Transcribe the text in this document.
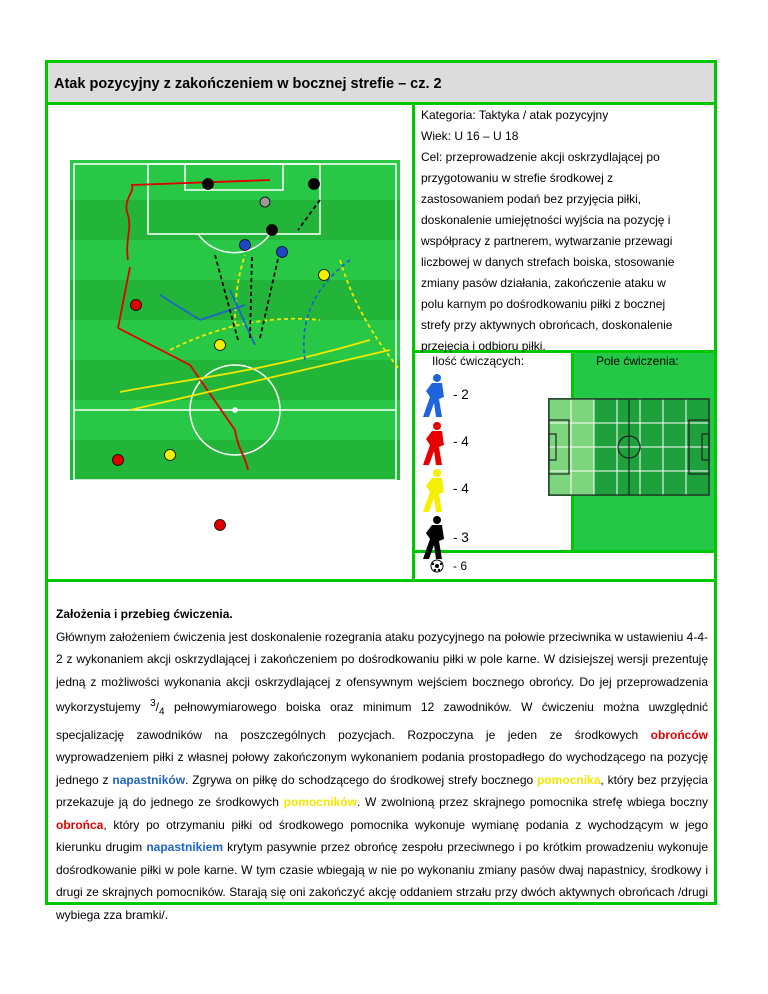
Atak pozycyjny z zakończeniem w bocznej strefie – cz. 2
Kategoria: Taktyka / atak pozycyjny
Wiek: U 16 – U 18
Cel: przeprowadzenie akcji oskrzydlającej po
przygotowaniu w strefie środkowej z
zastosowaniem podań bez przyjęcia piłki,
doskonalenie umiejętności wyjścia na pozycję i
współpracy z partnerem, wytwarzanie przewagi
liczbowej w danych strefach boiska, stosowanie
zmiany pasów działania, zakończenie ataku w
polu karnym po dośrodkowaniu piłki z bocznej
strefy przy aktywnych obrońcach, doskonalenie
przejęcia i odbioru piłki.
Pole ćwiczenia:
Ilość ćwiczących:
- 2
- 4
- 4
- 3
- 6

Założenia i przebieg ćwiczenia.

Głównym założeniem ćwiczenia jest doskonalenie rozegrania ataku pozycyjnego na połowie przeciwnika w ustawieniu 4-4-2 z wykonaniem akcji oskrzydlającej i zakończeniem po dośrodkowaniu piłki w pole karne. W dzisiejszej wersji prezentuję jedną z możliwości wykonania akcji oskrzydlającej z ofensywnym wejściem bocznego obrońcy. Do jej przeprowadzenia wykorzystujemy $^3/_4$ pełnowymiarowego boiska oraz minimum 12 zawodników. W ćwiczeniu można uwzględnić specjalizację zawodników na poszczególnych pozycjach. Rozpoczyna je jeden ze środkowych obrońców wyprowadzeniem piłki z własnej połowy zakończonym wykonaniem podania prostopadłego do wychodzącego na pozycję jednego z napastników. Zgrywa on piłkę do schodzącego do środkowej strefy bocznego pomocnika, który bez przyjęcia przekazuje ją do jednego ze środkowych pomocników. W zwolnioną przez skrajnego pomocnika strefę wbiega boczny obrońca, który po otrzymaniu piłki od środkowego pomocnika wykonuje wymianę podania z wychodzącym w jego kierunku drugim napastnikiem krytym pasywnie przez obrońcę zespołu przeciwnego i po krótkim prowadzeniu wykonuje dośrodkowanie piłki w pole karne. W tym czasie wbiegają w nie po wykonaniu zmiany pasów dwaj napastnicy, środkowy i drugi ze skrajnych pomocników. Starają się oni zakończyć akcję oddaniem strzału przy dwóch aktywnych obrońcach /drugi wybiega zza bramki/.
